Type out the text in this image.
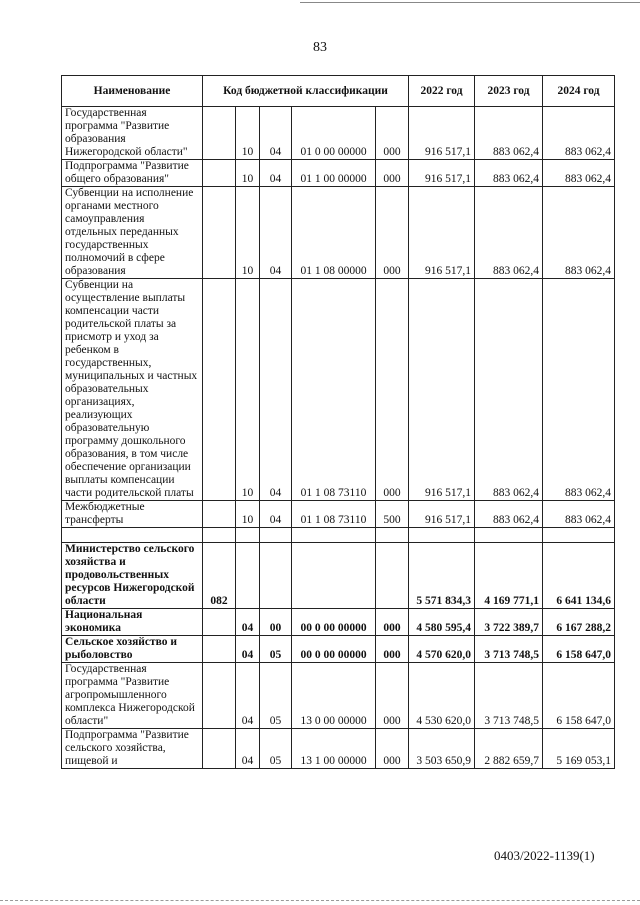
83
Наименование	Код бюджетной классификации					2022 год	2023 год	2024 год
Государственная программа "Развитие образования Нижегородской области"		10	04	01 0 00 00000	000	916 517,1	883 062,4	883 062,4
Подпрограмма "Развитие общего образования"		10	04	01 1 00 00000	000	916 517,1	883 062,4	883 062,4
Субвенции на исполнение органами местного самоуправления отдельных переданных государственных полномочий в сфере образования		10	04	01 1 08 00000	000	916 517,1	883 062,4	883 062,4
Субвенции на осуществление выплаты компенсации части родительской платы за присмотр и уход за ребенком в государственных, муниципальных и частных образовательных организациях, реализующих образовательную программу дошкольного образования, в том числе обеспечение организации выплаты компенсации части родительской платы		10	04	01 1 08 73110	000	916 517,1	883 062,4	883 062,4
Межбюджетные трансферты		10	04	01 1 08 73110	500	916 517,1	883 062,4	883 062,4

Министерство сельского хозяйства и продовольственных ресурсов Нижегородской области	082					5 571 834,3	4 169 771,1	6 641 134,6
Национальная экономика		04	00	00 0 00 00000	000	4 580 595,4	3 722 389,7	6 167 288,2
Сельское хозяйство и рыболовство		04	05	00 0 00 00000	000	4 570 620,0	3 713 748,5	6 158 647,0
Государственная программа "Развитие агропромышленного комплекса Нижегородской области"		04	05	13 0 00 00000	000	4 530 620,0	3 713 748,5	6 158 647,0
Подпрограмма "Развитие сельского хозяйства, пищевой и		04	05	13 1 00 00000	000	3 503 650,9	2 882 659,7	5 169 053,1
0403/2022-1139(1)
